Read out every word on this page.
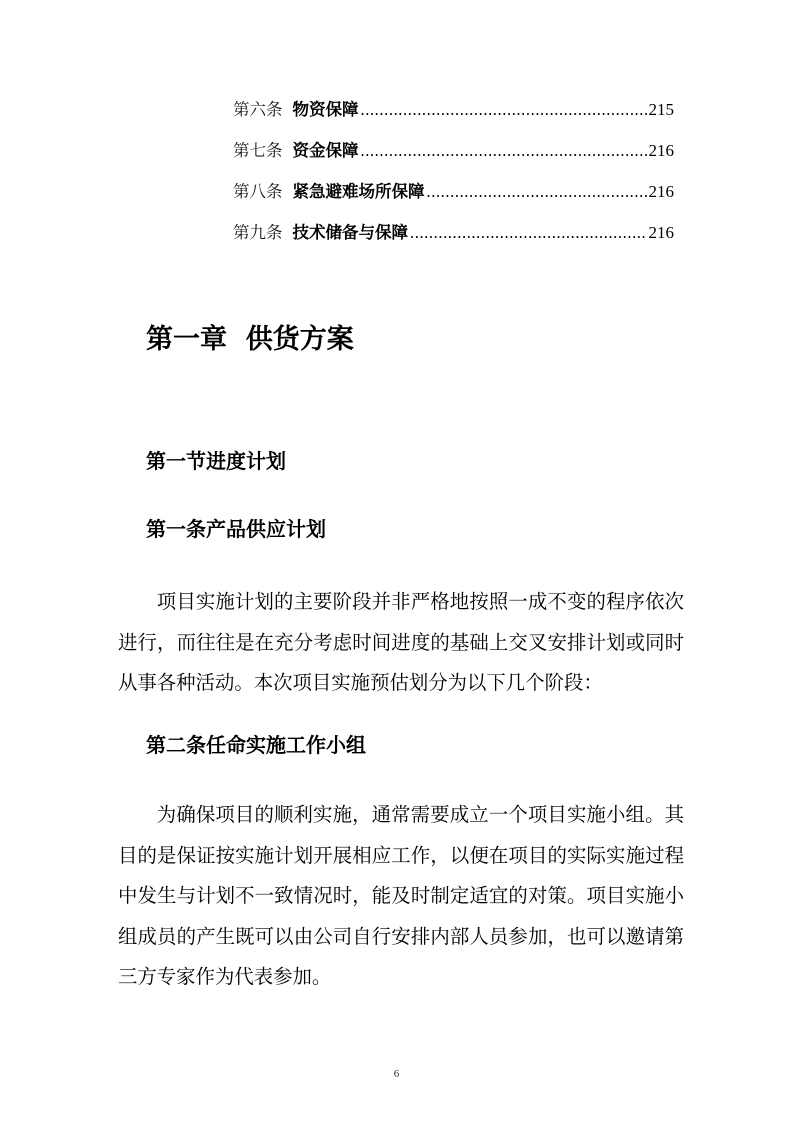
第六条 物资保障 .....	215
第七条 资金保障 .....	216
第八条 紧急避难场所保障 .....	216
第九条 技术储备与保障 .....	216
第一章  供货方案
第一节进度计划
第一条产品供应计划

项目实施计划的主要阶段并非严格地按照一成不变的程序依次进行，而往往是在充分考虑时间进度的基础上交叉安排计划或同时从事各种活动。本次项目实施预估划分为以下几个阶段：

第二条任命实施工作小组

为确保项目的顺利实施，通常需要成立一个项目实施小组。其目的是保证按实施计划开展相应工作，以便在项目的实际实施过程中发生与计划不一致情况时，能及时制定适宜的对策。项目实施小组成员的产生既可以由公司自行安排内部人员参加，也可以邀请第三方专家作为代表参加。

6
